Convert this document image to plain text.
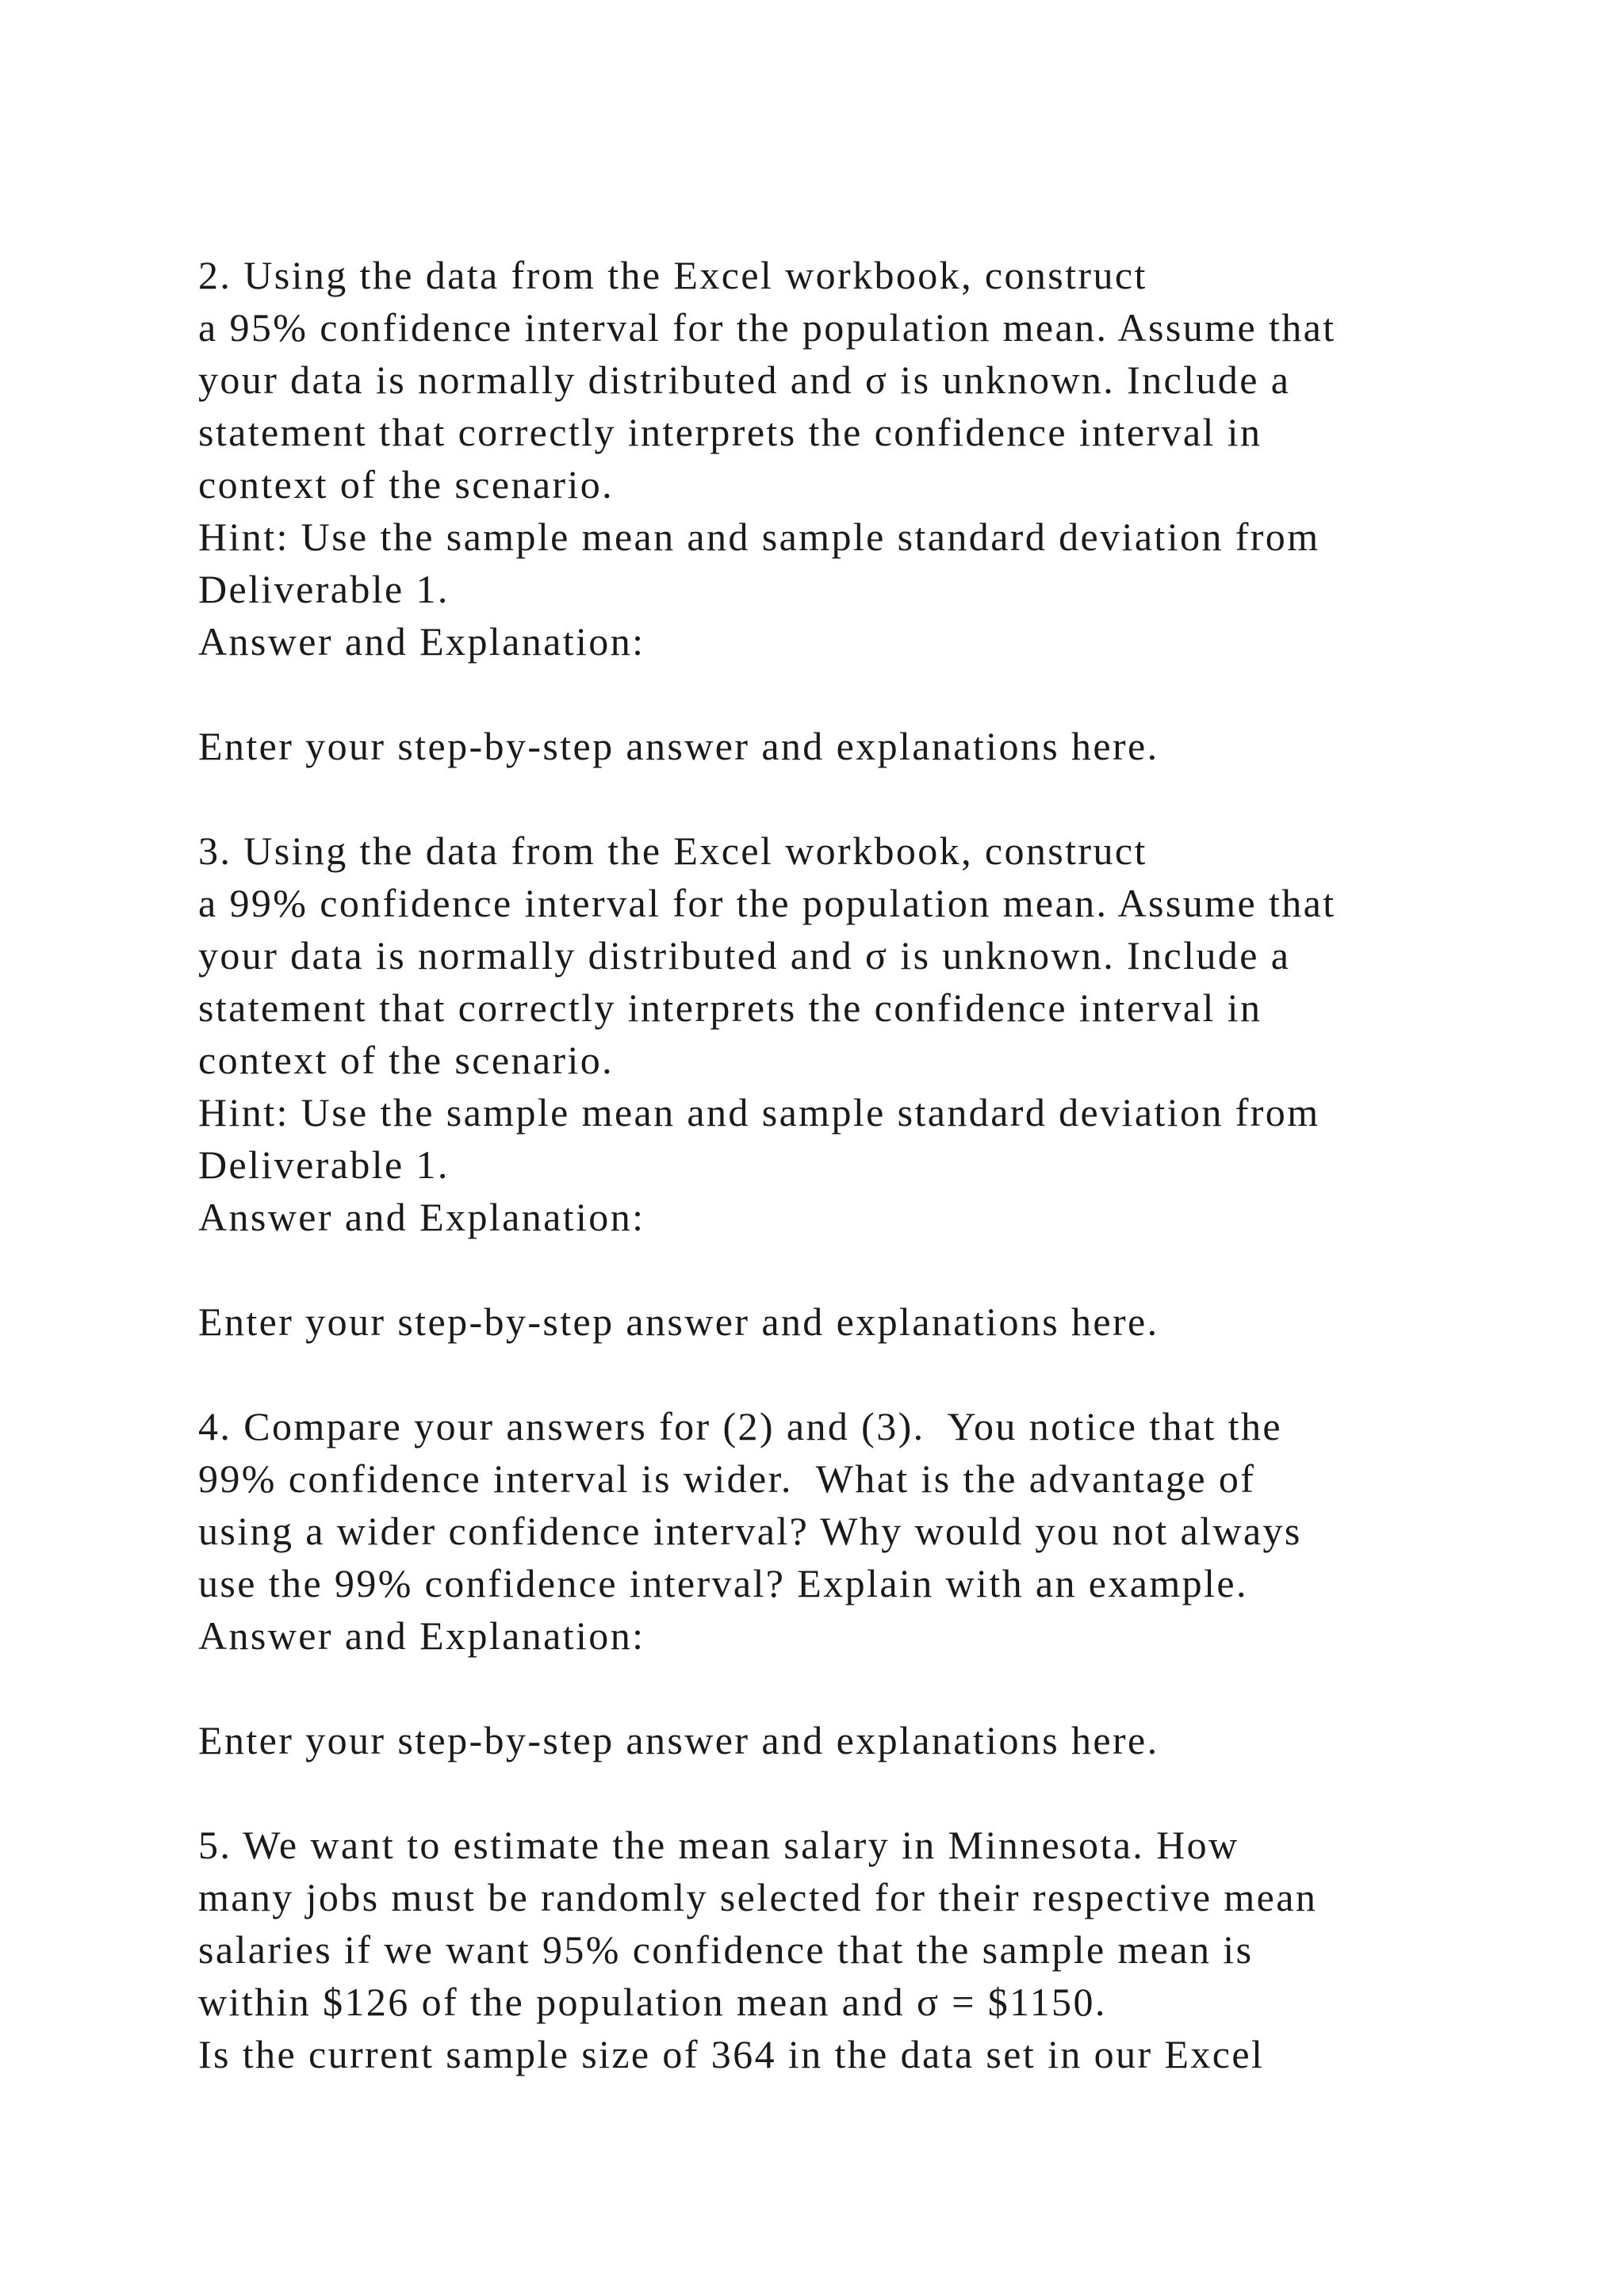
2. Using the data from the Excel workbook, construct
a 95% confidence interval for the population mean. Assume that
your data is normally distributed and σ is unknown. Include a
statement that correctly interprets the confidence interval in
context of the scenario.
Hint: Use the sample mean and sample standard deviation from
Deliverable 1.
Answer and Explanation:
Enter your step-by-step answer and explanations here.
3. Using the data from the Excel workbook, construct
a 99% confidence interval for the population mean. Assume that
your data is normally distributed and σ is unknown. Include a
statement that correctly interprets the confidence interval in
context of the scenario.
Hint: Use the sample mean and sample standard deviation from
Deliverable 1.
Answer and Explanation:
Enter your step-by-step answer and explanations here.
4. Compare your answers for (2) and (3).  You notice that the
99% confidence interval is wider.  What is the advantage of
using a wider confidence interval? Why would you not always
use the 99% confidence interval? Explain with an example.
Answer and Explanation:
Enter your step-by-step answer and explanations here.
5. We want to estimate the mean salary in Minnesota. How
many jobs must be randomly selected for their respective mean
salaries if we want 95% confidence that the sample mean is
within $126 of the population mean and σ = $1150.
Is the current sample size of 364 in the data set in our Excel
